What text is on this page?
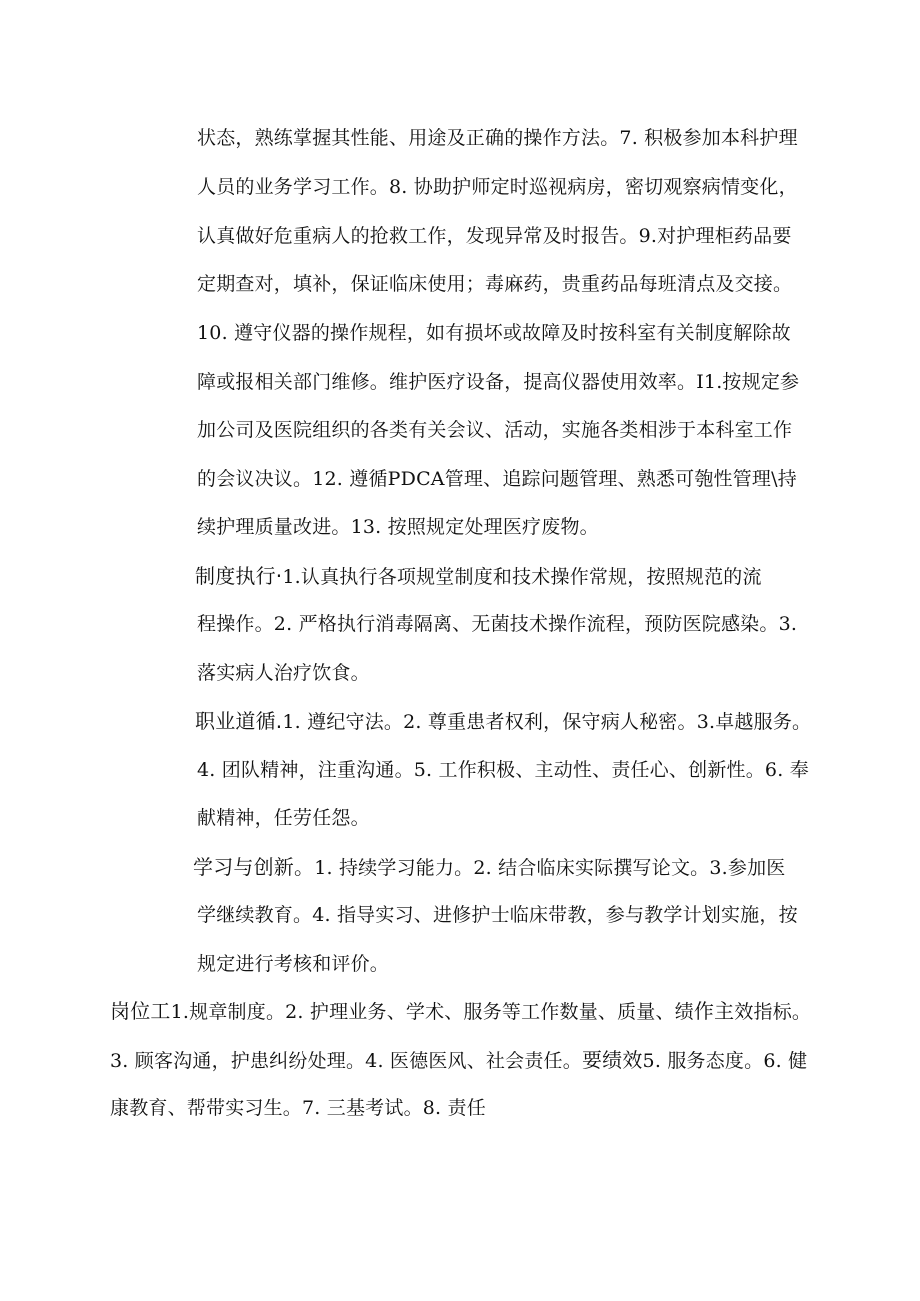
状态，熟练掌握其性能、用途及正确的操作方法。7. 积极参加本科护理
人员的业务学习工作。8. 协助护师定时巡视病房，密切观察病情变化，
认真做好危重病人的抢救工作，发现异常及时报告。9.对护理柜药品要
定期查对，填补，保证临床使用；毒麻药，贵重药品每班清点及交接。
10. 遵守仪器的操作规程，如有损坏或故障及时按科室有关制度解除故
障或报相关部门维修。维护医疗设备，提高仪器使用效率。I1.按规定参
加公司及医院组织的各类有关会议、活动，实施各类相涉于本科室工作
的会议决议。12. 遵循PDCA管理、追踪问题管理、熟悉可匏性管理\持
续护理质量改进。13. 按照规定处理医疗废物。
制度执行·1.认真执行各项规堂制度和技术操作常规，按照规范的流
程操作。2. 严格执行消毒隔离、无菌技术操作流程，预防医院感染。3.
落实病人治疗饮食。
职业道循.1. 遵纪守法。2. 尊重患者权利，保守病人秘密。3.卓越服务。
4. 团队精神，注重沟通。5. 工作积极、主动性、责任心、创新性。6. 奉
献精神，任劳任怨。
学习与创新。1. 持续学习能力。2. 结合临床实际撰写论文。3.参加医
学继续教育。4. 指导实习、进修护士临床带教，参与教学计划实施，按
规定进行考核和评价。
岗位工1.规章制度。2. 护理业务、学术、服务等工作数量、质量、绩作主效指标。
3. 顾客沟通，护患纠纷处理。4. 医德医风、社会责任。要绩效5. 服务态度。6. 健
康教育、帮带实习生。7. 三基考试。8. 责任
